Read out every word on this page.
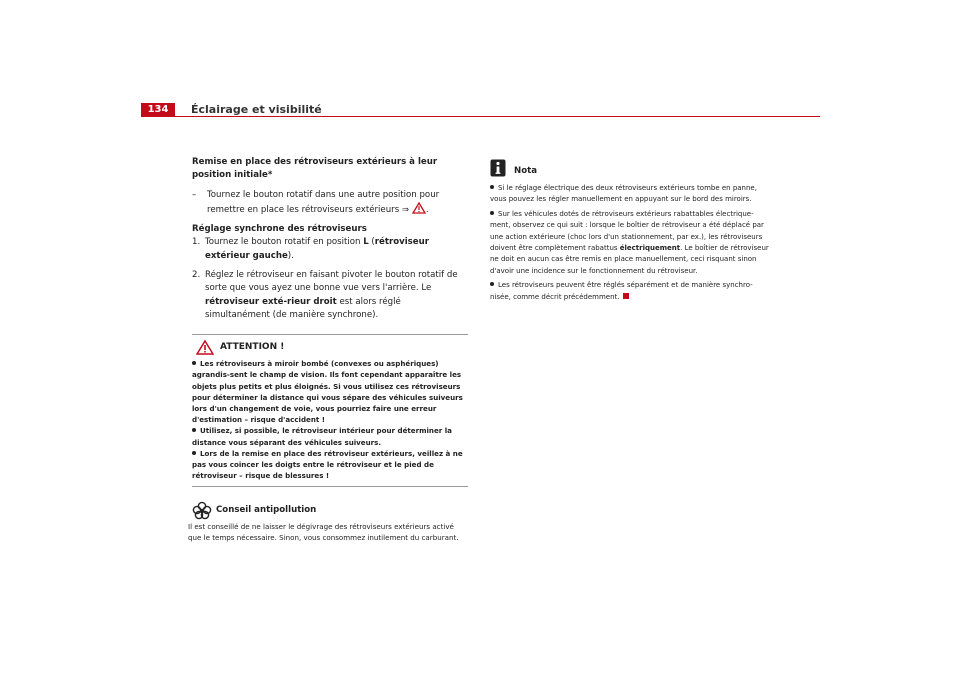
134	Éclairage et visibilité

Remise en place des rétroviseurs extérieurs à leur position initiale*

– Tournez le bouton rotatif dans une autre position pour remettre en place les rétroviseurs extérieurs ⇒ .

Réglage synchrone des rétroviseurs

1. Tournez le bouton rotatif en position L (rétroviseur extérieur gauche).
2. Réglez le rétroviseur en faisant pivoter le bouton rotatif de sorte que vous ayez une bonne vue vers l'arrière. Le rétroviseur exté-rieur droit est alors réglé simultanément (de manière synchrone).
ATTENTION !

Les rétroviseurs à miroir bombé (convexes ou asphériques) agrandis-sent le champ de vision. Ils font cependant apparaître les objets plus petits et plus éloignés. Si vous utilisez ces rétroviseurs pour déterminer la distance qui vous sépare des véhicules suiveurs lors d'un changement de voie, vous pourriez faire une erreur d'estimation – risque d'accident !

Utilisez, si possible, le rétroviseur intérieur pour déterminer la distance vous séparant des véhicules suiveurs.

Lors de la remise en place des rétroviseur extérieurs, veillez à ne pas vous coincer les doigts entre le rétroviseur et le pied de rétroviseur – risque de blessures !

Conseil antipollution

Il est conseillé de ne laisser le dégivrage des rétroviseurs extérieurs activé que le temps nécessaire. Sinon, vous consommez inutilement du carburant.

Nota

Si le réglage électrique des deux rétroviseurs extérieurs tombe en panne, vous pouvez les régler manuellement en appuyant sur le bord des miroirs.

Sur les véhicules dotés de rétroviseurs extérieurs rabattables électrique-ment, observez ce qui suit : lorsque le boîtier de rétroviseur a été déplacé par une action extérieure (choc lors d'un stationnement, par ex.), les rétroviseurs doivent être complètement rabattus électriquement. Le boîtier de rétroviseur ne doit en aucun cas être remis en place manuellement, ceci risquant sinon d'avoir une incidence sur le fonctionnement du rétroviseur.

Les rétroviseurs peuvent être réglés séparément et de manière synchro-nisée, comme décrit précédemment.
